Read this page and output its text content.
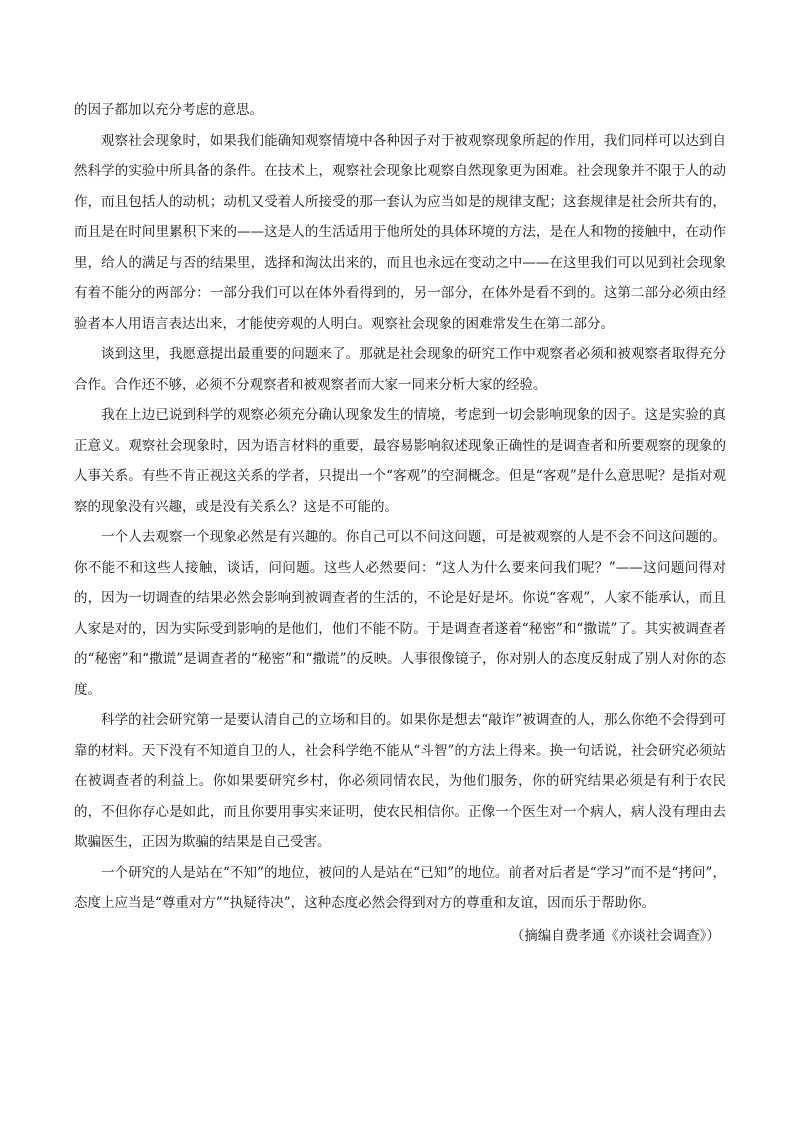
的因子都加以充分考虑的意思。

观察社会现象时，如果我们能确知观察情境中各种因子对于被观察现象所起的作用，我们同样可以达到自然科学的实验中所具备的条件。在技术上，观察社会现象比观察自然现象更为困难。社会现象并不限于人的动作，而且包括人的动机；动机又受着人所接受的那一套认为应当如是的规律支配；这套规律是社会所共有的，而且是在时间里累积下来的——这是人的生活适用于他所处的具体环境的方法，是在人和物的接触中，在动作里，给人的满足与否的结果里，选择和淘汰出来的，而且也永远在变动之中——在这里我们可以见到社会现象有着不能分的两部分：一部分我们可以在体外看得到的，另一部分，在体外是看不到的。这第二部分必须由经验者本人用语言表达出来，才能使旁观的人明白。观察社会现象的困难常发生在第二部分。

谈到这里，我愿意提出最重要的问题来了。那就是社会现象的研究工作中观察者必须和被观察者取得充分合作。合作还不够，必须不分观察者和被观察者而大家一同来分析大家的经验。

我在上边已说到科学的观察必须充分确认现象发生的情境，考虑到一切会影响现象的因子。这是实验的真正意义。观察社会现象时，因为语言材料的重要，最容易影响叙述现象正确性的是调查者和所要观察的现象的人事关系。有些不肯正视这关系的学者，只提出一个“客观”的空洞概念。但是“客观”是什么意思呢？是指对观察的现象没有兴趣，或是没有关系么？这是不可能的。

一个人去观察一个现象必然是有兴趣的。你自己可以不问这问题，可是被观察的人是不会不问这问题的。你不能不和这些人接触，谈话，问问题。这些人必然要问：“这人为什么要来问我们呢？”——这问题问得对的，因为一切调查的结果必然会影响到被调查者的生活的，不论是好是坏。你说“客观”，人家不能承认，而且人家是对的，因为实际受到影响的是他们，他们不能不防。于是调查者遂着“秘密”和“撒谎”了。其实被调查者的“秘密”和“撒谎”是调查者的“秘密”和“撒谎”的反映。人事很像镜子，你对别人的态度反射成了别人对你的态度。

科学的社会研究第一是要认清自己的立场和目的。如果你是想去“敲诈”被调查的人，那么你绝不会得到可靠的材料。天下没有不知道自卫的人，社会科学绝不能从“斗智”的方法上得来。换一句话说，社会研究必须站在被调查者的利益上。你如果要研究乡村，你必须同情农民，为他们服务，你的研究结果必须是有利于农民的，不但你存心是如此，而且你要用事实来证明，使农民相信你。正像一个医生对一个病人，病人没有理由去欺骗医生，正因为欺骗的结果是自己受害。

一个研究的人是站在“不知”的地位，被问的人是站在“已知”的地位。前者对后者是“学习”而不是“拷问”，态度上应当是“尊重对方”“执疑待决”，这种态度必然会得到对方的尊重和友谊，因而乐于帮助你。

（摘编自费孝通《亦谈社会调查》）
